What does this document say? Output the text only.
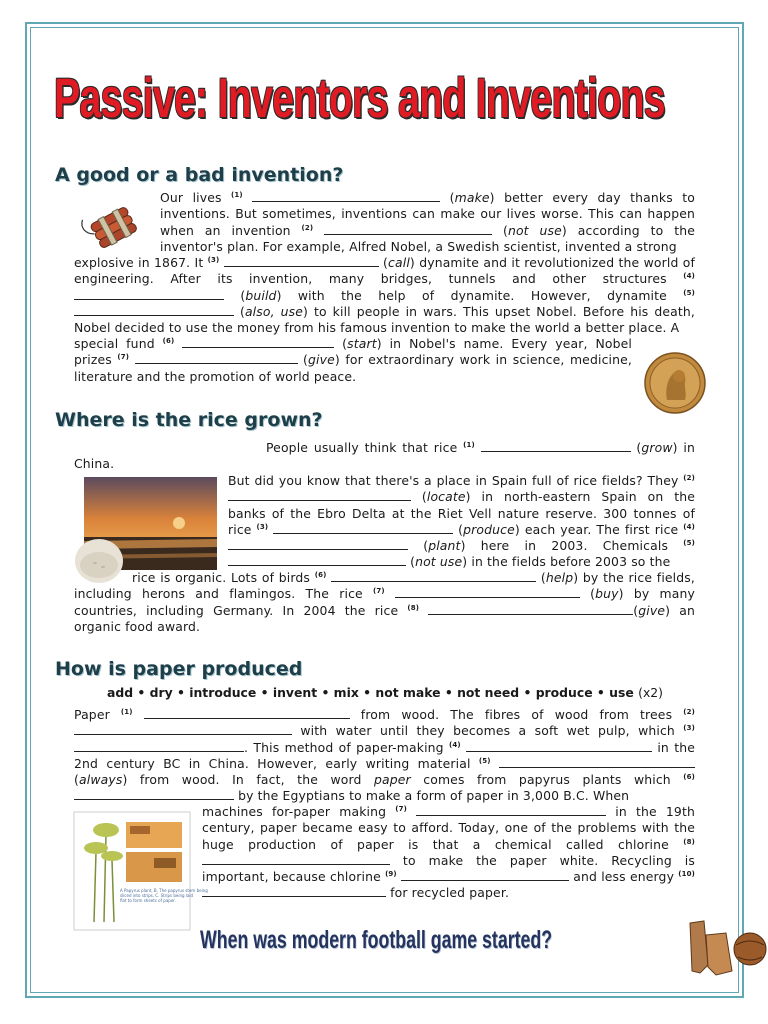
Passive: Inventors and Inventions
A good or a bad invention?

Our lives $^{(1)}$	(make) better every day thanks to inventions. But sometimes, inventions can make our lives worse. This can happen when an invention $^{(2)}$	(not use) according to the inventor's plan. For example, Alfred Nobel, a Swedish scientist, invented a strong

explosive in 1867. It $^{(3)}$	(call) dynamite and it revolutionized the world of engineering. After its invention, many bridges, tunnels and other structures $^{(4)}$  (build) with the help of dynamite. However, dynamite $^{(5)}$  (also, use) to kill people in wars. This upset Nobel. Before his death, Nobel decided to use the money from his famous invention to make the world a better place. A

special fund $^{(6)}$	(start) in Nobel's name. Every year, Nobel prizes $^{(7)}$	(give) for extraordinary work in science, medicine, literature and the promotion of world peace.

Where is the rice grown?

People usually think that rice $^{(1)}$	(grow) in China.

But did you know that there's a place in Spain full of rice fields? They $^{(2)}$  (locate) in north-eastern Spain on the banks of the Ebro Delta at the Riet Vell nature reserve. 300 tonnes of rice $^{(3)}$	(produce) each year. The first rice $^{(4)}$  (plant) here in 2003. Chemicals $^{(5)}$  (not use) in the fields before 2003 so the

rice is organic. Lots of birds $^{(6)}$	(help) by the rice fields, including herons and flamingos. The rice $^{(7)}$	(buy) by many countries, including Germany. In 2004 the rice $^{(8)}$	(give) an organic food award.

How is paper produced

add • dry • introduce • invent • mix • not make • not need • produce • use (x2)

Paper $^{(1)}$	from wood. The fibres of wood from trees $^{(2)}$  with water until they becomes a soft wet pulp, which $^{(3)}$ . This method of paper-making $^{(4)}$	in the 2nd century BC in China. However, early writing material $^{(5)}$  (always) from wood. In fact, the word paper comes from papyrus plants which $^{(6)}$  by the Egyptians to make a form of paper in 3,000 B.C. When

A Papyrus plant, B. The papyrus stem being
sliced into strips, C. Strips being laid
flat to form sheets of paper.

machines for-paper making $^{(7)}$	in the 19th century, paper became easy to afford. Today, one of the problems with the huge production of paper is that a chemical called chlorine $^{(8)}$  to make the paper white. Recycling is important, because chlorine $^{(9)}$	and less energy $^{(10)}$  for recycled paper.

When was modern football game started?
